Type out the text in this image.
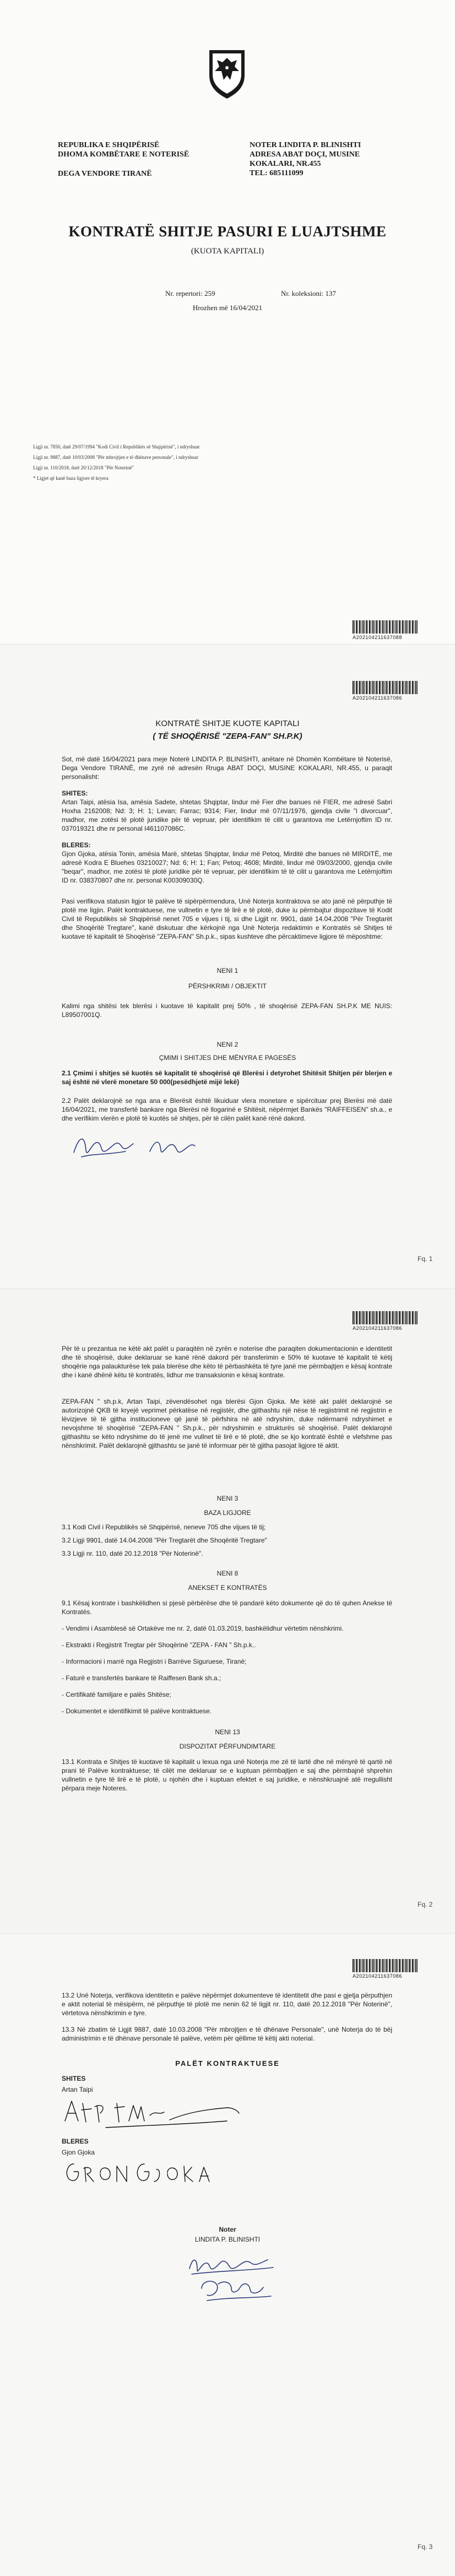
REPUBLIKA E SHQIPËRISË
DHOMA KOMBËTARE E NOTERISË
DEGA VENDORE TIRANË
NOTER LINDITA P. BLINISHTI
ADRESA ABAT DOÇI, MUSINE
KOKALARI, NR.455
TEL: 685111099
KONTRATË SHITJE PASURI E LUAJTSHME
(KUOTA KAPITALI)
Nr. repertori: 259	Nr. koleksioni: 137
Hrozhen më 16/04/2021
Ligji nr. 7850, datë 29/07/1994 "Kodi Civil i Republikës së Shqipërisë", i ndryshuar
Ligji nr. 9887, datë 10/03/2008 "Për mbrojtjen e të dhënave personale", i ndryshuar
Ligji nr. 110/2018, datë 20/12/2018 "Për Noterinë"
* Ligjet që kanë baza ligjore të kryera
A202104211637088
A202104211637086
KONTRATË SHITJE KUOTE KAPITALI
( TË SHOQËRISË "ZEPA-FAN" SH.P.K)
Sot, më datë 16/04/2021 para meje Noterë LINDITA P. BLINISHTI, anëtare në Dhomën Kombëtare të Noterisë, Dega Vendore TIRANË, me zyrë në adresën Rruga ABAT DOÇI, MUSINE KOKALARI, NR.455, u paraqit personalisht:
SHITES:
Artan Taipi, atësia Isa, amësia Sadete, shtetas Shqiptar, lindur më Fier dhe banues në FIER, me adresë Sabri Hoxha 2162008; Nd: 3; H: 1; Levan; Farrac; 9314; Fier, lindur më 07/11/1976, gjendja civile "i divorcuar", madhor, me zotësi të plotë juridike për të vepruar, për identifikim të cilit u garantova me Letërnjoftim ID nr. 037019321 dhe nr personal I461107086C.
BLERES:
Gjon Gjoka, atësia Tonin, amësia Marë, shtetas Shqiptar, lindur më Petoq, Mirditë dhe banues në MIRDITË, me adresë Kodra E Bluehes 03210027; Nd: 6; H: 1; Fan; Petoq; 4608; Mirditë, lindur më 09/03/2000, gjendja civile "beqar", madhor, me zotësi të plotë juridike për të vepruar, për identifikim të të cilit u garantova me Letërnjoftim ID nr. 038370807 dhe nr. personal K00309030Q.
Pasi verifikova statusin ligjor të palëve të sipërpërmendura, Unë Noterja kontraktova se ato janë në përputhje të plotë me ligjin. Palët kontraktuese, me vullnetin e tyre të lirë e të plotë, duke iu përmbajtur dispozitave të Kodit Civil të Republikës së Shqipërisë nenet 705 e vijues i tij, si dhe Ligjit nr. 9901, datë 14.04.2008 "Për Tregtarët dhe Shoqëritë Tregtare", kanë diskutuar dhe kërkojnë nga Unë Noterja redaktimin e Kontratës së Shitjes të kuotave të kapitalit të Shoqërisë "ZEPA-FAN" Sh.p.k., sipas kushteve dhe përcaktimeve ligjore të mëposhtme:
NENI 1
PËRSHKRIMI / OBJEKTIT
Kalimi nga shitësi tek blerësi i kuotave të kapitalit prej 50% , të shoqërisë ZEPA-FAN SH.P.K ME NUIS: L89507001Q.
NENI 2
ÇMIMI I SHITJES DHE MËNYRA E PAGESËS
2.1 Çmimi i shitjes së kuotës së kapitalit të shoqërisë që Blerësi i detyrohet Shitësit Shitjen për blerjen e saj është në vlerë monetare 50 000(pesëdhjetë mijë lekë)
2.2 Palët deklarojnë se nga ana e Blerësit është likuiduar vlera monetare e sipërcituar prej Blerësi më datë 16/04/2021, me transfertë bankare nga Blerësi në llogarinë e Shitësit, nëpërmjet Bankës "RAIFFEISEN" sh.a., e dhe verifikim vlerën e plotë të kuotës së shitjes, për të cilën palët kanë rënë dakord.
Fq. 1
A202104211637086
Për të u prezantua ne këtë akt palët u paraqitën në zyrën e noterise dhe paraqiten dokumentacionin e identitetit dhe të shoqërisë, duke deklaruar se kanë rënë dakord për transferimin e 50% të kuotave të kapitalit të këtij shoqërie nga palaukturëse tek pala blerëse dhe këto të përbashkëta të tyre janë me përmbajtjen e kësaj kontrate dhe i kanë dhënë këtu të kontratës, lidhur me transaksionin e kësaj kontrate.
ZEPA-FAN " sh.p.k, Artan Taipi, zëvendësohet nga blerësi Gjon Gjoka. Me këtë akt palët deklarojnë se autorizojnë QKB të kryejë veprimet përkatëse në regjistër, dhe gjithashtu një nëse të regjistrimit në regjistrin e lëvizjeve të të gjitha institucioneve që janë të përfshira në atë ndryshim, duke ndërmarrë ndryshimet e nevojshme të shoqërisë "ZEPA-FAN " Sh.p.k., për ndryshimin e strukturës së shoqërisë. Palët deklarojnë gjithashtu se këto ndryshime do të jenë me vullnet të lirë e të plotë, dhe se kjo kontratë është e vlefshme pas nënshkrimit. Palët deklarojnë gjithashtu se janë të informuar për të gjitha pasojat ligjore të aktit.
NENI 3
BAZA LIGJORE
3.1 Kodi Civil i Republikës së Shqipërisë, neneve 705 dhe vijues të tij;
3.2 Ligji 9901, datë 14.04.2008 "Për Tregtarët dhe Shoqëritë Tregtare"
3.3 Ligji nr. 110, datë 20.12.2018 "Për Noterinë".
NENI 8
ANEKSET E KONTRATËS
9.1 Kësaj kontrate i bashkëlidhen si pjesë përbërëse dhe të pandarë këto dokumente që do të quhen Anekse të Kontratës.
- Vendimi i Asamblesë së Ortakëve me nr. 2, datë 01.03.2019, bashkëlidhur vërtetim nënshkrimi.
- Ekstrakti i Regjistrit Tregtar për Shoqërinë "ZEPA - FAN " Sh.p.k..
- Informacioni i marrë nga Regjistri i Barrëve Siguruese, Tiranë;
- Faturë e transfertës bankare të Raiffesen Bank sh.a.;
- Certifikatë familjare e palës Shitëse;
- Dokumentet e identifikimit të palëve kontraktuese.
NENI 13
DISPOZITAT PËRFUNDIMTARE
13.1 Kontrata e Shitjes të kuotave të kapitalit u lexua nga unë Noterja me zë të lartë dhe në mënyrë të qartë në prani të Palëve kontraktuese; të cilët me deklaruar se e kuptuan përmbajtjen e saj dhe përmbajnë shprehin vullnetin e tyre të lirë e të plotë, u njohën dhe i kuptuan efektet e saj juridike, e nënshkruajnë atë rregullisht përpara meje Noteres.
Fq. 2
A202104211637086
13.2 Unë Noterja, verifikova identitetin e palëve nëpërmjet dokumenteve të identitetit dhe pasi e gjetja përputhjen e aktit noterial të mësipërm, në përputhje të plotë me nenin 62 të ligjit nr. 110, datë 20.12.2018 "Për Noterinë", vërtetova nënshkrimin e tyre.
13.3 Në zbatim të Ligjit 9887, datë 10.03.2008 "Për mbrojtjen e të dhënave Personale", unë Noterja do të bëj administrimin e të dhënave personale të palëve, vetëm për qëllime të këtij akti noterial.
PALËT KONTRAKTUESE
SHITES
Artan Taipi
BLERES
Gjon Gjoka
Noter
LINDITA P. BLINISHTI
Fq. 3
